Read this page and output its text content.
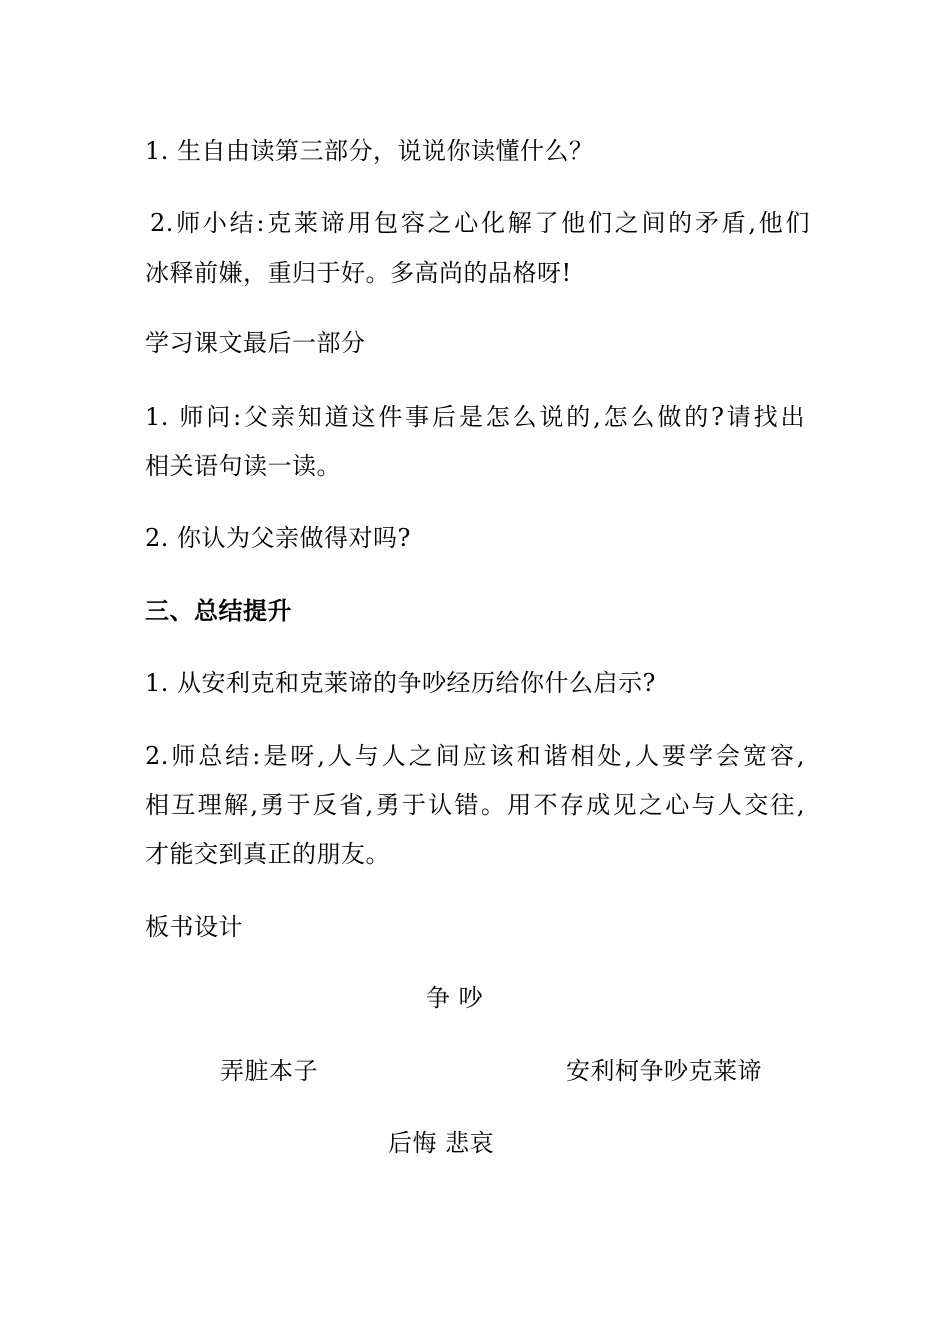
1. 生自由读第三部分，说说你读懂什么？
2.师小结:克莱谛用包容之心化解了他们之间的矛盾,他们
冰释前嫌，重归于好。多高尚的品格呀!
学习课文最后一部分
1. 师问:父亲知道这件事后是怎么说的,怎么做的?请找出
相关语句读一读。
2. 你认为父亲做得对吗?
三、总结提升
1. 从安利克和克莱谛的争吵经历给你什么启示?
2.师总结:是呀,人与人之间应该和谐相处,人要学会宽容,
相互理解,勇于反省,勇于认错。用不存成见之心与人交往,
才能交到真正的朋友。
板书设计
争 吵
弄脏本子	安利柯争吵克莱谛
后悔 悲哀
